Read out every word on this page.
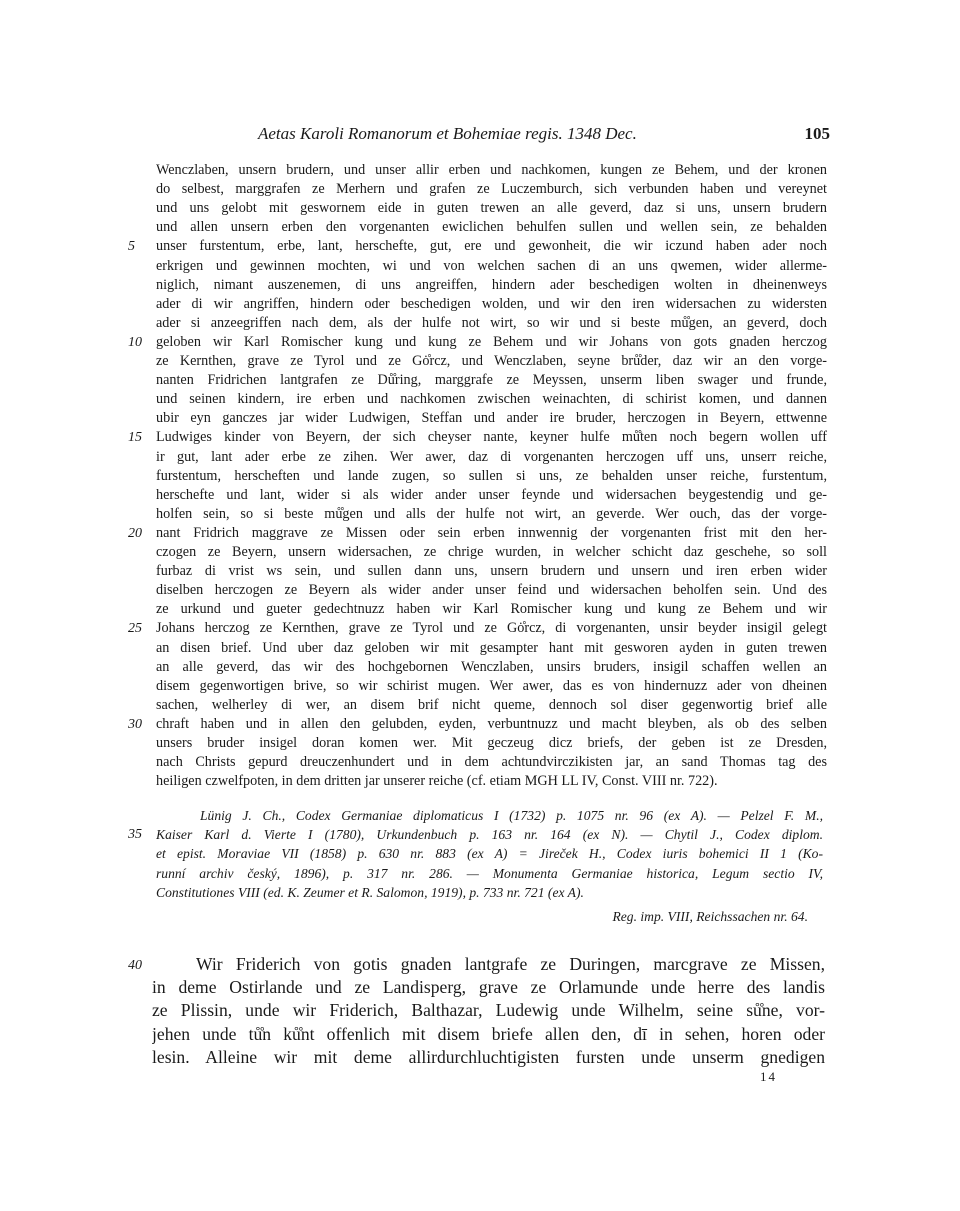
Aetas Karoli Romanorum et Bohemiae regis. 1348 Dec.	105
Wenczlaben, unsern brudern, und unser allir erben und nachkomen, kungen ze Behem, und der kronen
do selbest, marggrafen ze Merhern und grafen ze Luczemburch, sich verbunden haben und vereynet
und uns gelobt mit geswornem eide in guten trewen an alle geverd, daz si uns, unsern brudern
und allen unsern erben den vorgenanten ewiclichen behulfen sullen und wellen sein, ze behalden
unser furstentum, erbe, lant, herschefte, gut, ere und gewonheit, die wir iczund haben ader noch
erkrigen und gewinnen mochten, wi und von welchen sachen di an uns qwemen, wider allerme-
niglich, nimant auszenemen, di uns angreiffen, hindern ader beschedigen wolten in dheinenweys
ader di wir angriffen, hindern oder beschedigen wolden, und wir den iren widersachen zu widersten
ader si anzeegriffen nach dem, als der hulfe not wirt, so wir und si beste mů̊gen, an geverd, doch
geloben wir Karl Romischer kung und kung ze Behem und wir Johans von gots gnaden herczog
ze Kernthen, grave ze Tyrol und ze Gȯ̊rcz, und Wenczlaben, seyne brů̊der, daz wir an den vorge-
nanten Fridrichen lantgrafen ze Dů̊ring, marggrafe ze Meyssen, unserm liben swager und frunde,
und seinen kindern, ire erben und nachkomen zwischen weinachten, di schirist komen, und dannen
ubir eyn ganczes jar wider Ludwigen, Steffan und ander ire bruder, herczogen in Beyern, ettwenne
Ludwiges kinder von Beyern, der sich cheyser nante, keyner hulfe mů̊ten noch begern wollen uff
ir gut, lant ader erbe ze zihen. Wer awer, daz di vorgenanten herczogen uff uns, unserr reiche,
furstentum, herscheften und lande zugen, so sullen si uns, ze behalden unser reiche, furstentum,
herschefte und lant, wider si als wider ander unser feynde und widersachen beygestendig und ge-
holfen sein, so si beste mů̊gen und alls der hulfe not wirt, an geverde. Wer ouch, das der vorge-
nant Fridrich maggrave ze Missen oder sein erben innwennig der vorgenanten frist mit den her-
czogen ze Beyern, unsern widersachen, ze chrige wurden, in welcher schicht daz geschehe, so soll
furbaz di vrist ws sein, und sullen dann uns, unsern brudern und unsern und iren erben wider
diselben herczogen ze Beyern als wider ander unser feind und widersachen beholfen sein. Und des
ze urkund und gueter gedechtnuzz haben wir Karl Romischer kung und kung ze Behem und wir
Johans herczog ze Kernthen, grave ze Tyrol und ze Gȯ̊rcz, di vorgenanten, unsir beyder insigil gelegt
an disen brief. Und uber daz geloben wir mit gesampter hant mit gesworen ayden in guten trewen
an alle geverd, das wir des hochgebornen Wenczlaben, unsirs bruders, insigil schaffen wellen an
disem gegenwortigen brive, so wir schirist mugen. Wer awer, das es von hindernuzz ader von dheinen
sachen, welherley di wer, an disem brif nicht queme, dennoch sol diser gegenwortig brief alle
chraft haben und in allen den gelubden, eyden, verbuntnuzz und macht bleyben, als ob des selben
unsers bruder insigel doran komen wer. Mit geczeug dicz briefs, der geben ist ze Dresden,
nach Christs gepurd dreuczenhundert und in dem achtundvirczikisten jar, an sand Thomas tag des
heiligen czwelfpoten, in dem dritten jar unserer reiche (cf. etiam MGH LL IV, Const. VIII nr. 722).
5
10
15
20
25
30
Lünig J. Ch., Codex Germaniae diplomaticus I (1732) p. 1075 nr. 96 (ex A). — Pelzel F. M.,
Kaiser Karl d. Vierte I (1780), Urkundenbuch p. 163 nr. 164 (ex N). — Chytil J., Codex diplom.
et epist. Moraviae VII (1858) p. 630 nr. 883 (ex A) = Jireček H., Codex iuris bohemici II 1 (Ko-
runní archiv český, 1896), p. 317 nr. 286. — Monumenta Germaniae historica, Legum sectio IV,
Constitutiones VIII (ed. K. Zeumer et R. Salomon, 1919), p. 733 nr. 721 (ex A).
35
Reg. imp. VIII, Reichssachen nr. 64.
Wir Friderich von gotis gnaden lantgrafe ze Duringen, marcgrave ze Missen,
in deme Ostirlande und ze Landisperg, grave ze Orlamunde unde herre des landis
ze Plissin, unde wir Friderich, Balthazar, Ludewig unde Wilhelm, seine sů̊ne, vor-
jehen unde tů̊n ků̊nt offenlich mit disem briefe allen den, dī in sehen, horen oder
lesin. Alleine wir mit deme allirdurchluchtigisten fursten unde unserm gnedigen
40
14
